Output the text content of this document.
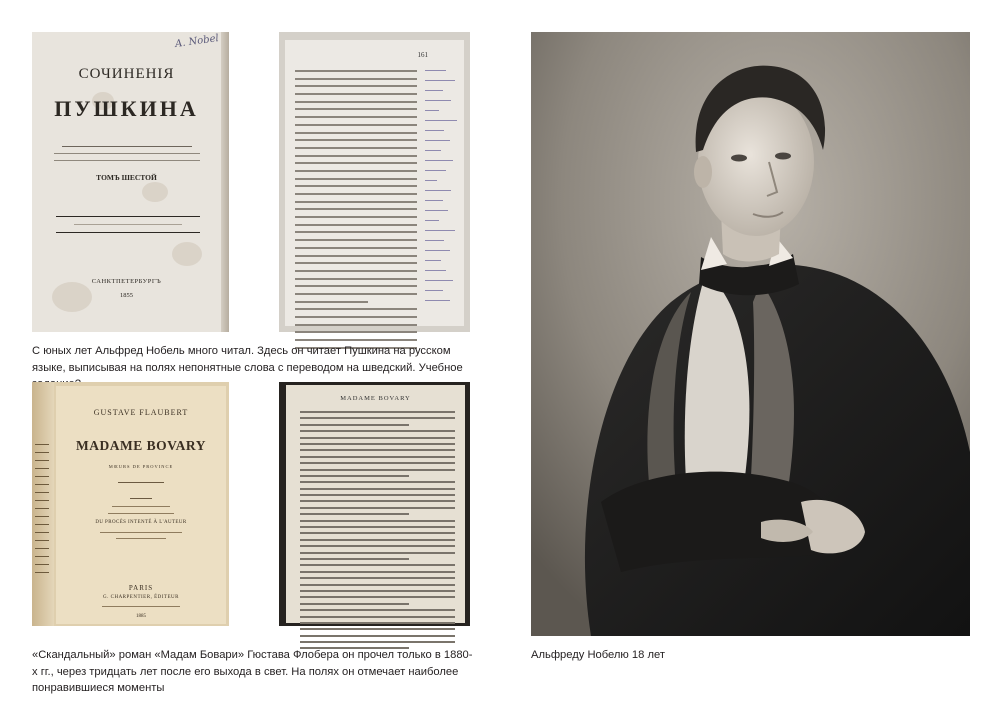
A. Nobel
СОЧИНЕНІЯ
ПУШКИНА
ТОМЪ ШЕСТОЙ
САНКТПЕТЕРБУРГЪ
1855
161
С юных лет Альфред Нобель много читал. Здесь он читает Пушкина на русском языке, выписывая на полях непонятные слова с переводом на шведский. Учебное
GUSTAVE FLAUBERT
MADAME BOVARY
MŒURS DE PROVINCE
DU PROCÈS INTENTÉ À L'AUTEUR
PARIS
G. CHARPENTIER, ÉDITEUR
1885
MADAME BOVARY
«Скандальный» роман «Мадам Бовари» Гюстава Флобера он прочел только в 1880-х гг., через тридцать лет после его выхода в свет. На полях он отмечает наиболее понравившиеся моменты
Альфреду Нобелю 18 лет
